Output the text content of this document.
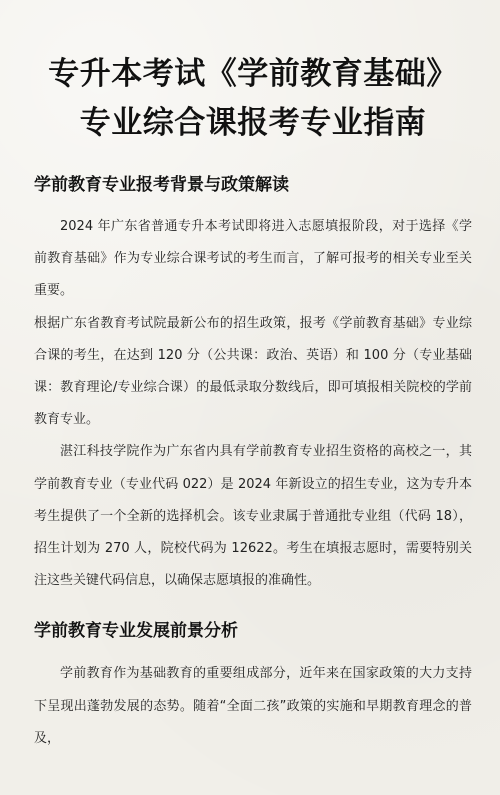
专升本考试《学前教育基础》
专业综合课报考专业指南
学前教育专业报考背景与政策解读

2024 年广东省普通专升本考试即将进入志愿填报阶段，对于选择《学前教育基础》作为专业综合课考试的考生而言，了解可报考的相关专业至关重要。

根据广东省教育考试院最新公布的招生政策，报考《学前教育基础》专业综合课的考生，在达到 120 分（公共课：政治、英语）和 100 分（专业基础课：教育理论/专业综合课）的最低录取分数线后，即可填报相关院校的学前教育专业。

湛江科技学院作为广东省内具有学前教育专业招生资格的高校之一，其学前教育专业（专业代码 022）是 2024 年新设立的招生专业，这为专升本考生提供了一个全新的选择机会。该专业隶属于普通批专业组（代码 18），招生计划为 270 人，院校代码为 12622。考生在填报志愿时，需要特别关注这些关键代码信息，以确保志愿填报的准确性。

学前教育专业发展前景分析

学前教育作为基础教育的重要组成部分，近年来在国家政策的大力支持下呈现出蓬勃发展的态势。随着“全面二孩”政策的实施和早期教育理念的普及，
